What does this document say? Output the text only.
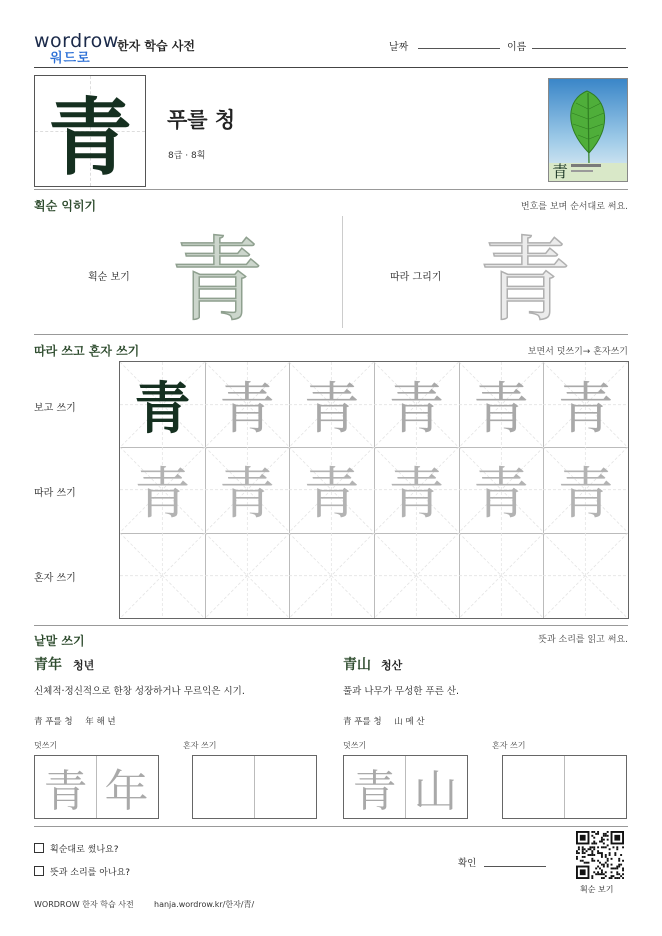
wordrow
워드로
한자 학습 사전	날짜	이름
青	푸를 청
8급 · 8획
青
획순 익히기	번호를 보며 순서대로 써요.
획순 보기 青	따라 그리기 青
따라 쓰고 혼자 쓰기	보면서 덧쓰기→ 혼자쓰기
보고 쓰기
따라 쓰기
혼자 쓰기
青 青 青 青 青 青
青 青 青 青 青 青
낱말 쓰기	뜻과 소리를 읽고 써요.
青年 청년
신체적·정신적으로 한창 성장하거나 무르익은 시기.
青 푸를 청 年 해 년
덧쓰기	혼자 쓰기
青 年
青山 청산
풀과 나무가 무성한 푸른 산.
青 푸를 청 山 메 산
덧쓰기	혼자 쓰기
青 山
획순대로 썼나요?
뜻과 소리를 아나요?
확인
획순 보기
WORDROW 한자 학습 사전	hanja.wordrow.kr/한자/青/
